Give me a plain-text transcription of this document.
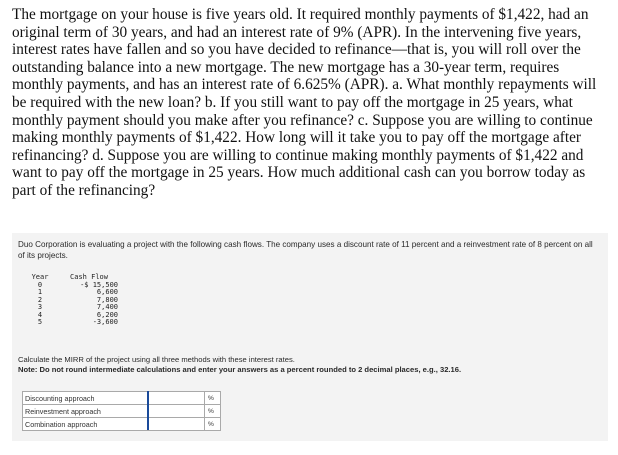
The mortgage on your house is five years old. It required monthly payments of $1,422, had an original term of 30 years, and had an interest rate of 9% (APR). In the intervening five years, interest rates have fallen and so you have decided to refinance—that is, you will roll over the outstanding balance into a new mortgage. The new mortgage has a 30-year term, requires monthly payments, and has an interest rate of 6.625% (APR). a. What monthly repayments will be required with the new loan? b. If you still want to pay off the mortgage in 25 years, what monthly payment should you make after you refinance? c. Suppose you are willing to continue making monthly payments of $1,422. How long will it take you to pay off the mortgage after refinancing? d. Suppose you are willing to continue making monthly payments of $1,422 and want to pay off the mortgage in 25 years. How much additional cash can you borrow today as part of the refinancing?

Duo Corporation is evaluating a project with the following cash flows. The company uses a discount rate of 11 percent and a reinvestment rate of 8 percent on all of its projects.

Year	Cash Flow
0	-$ 15,500
1	6,600
2	7,800
3	7,400
4	6,200
5	-3,600

Calculate the MIRR of the project using all three methods with these interest rates.

Note: Do not round intermediate calculations and enter your answers as a percent rounded to 2 decimal places, e.g., 32.16.

Discounting approach		%
Reinvestment approach		%
Combination approach		%
